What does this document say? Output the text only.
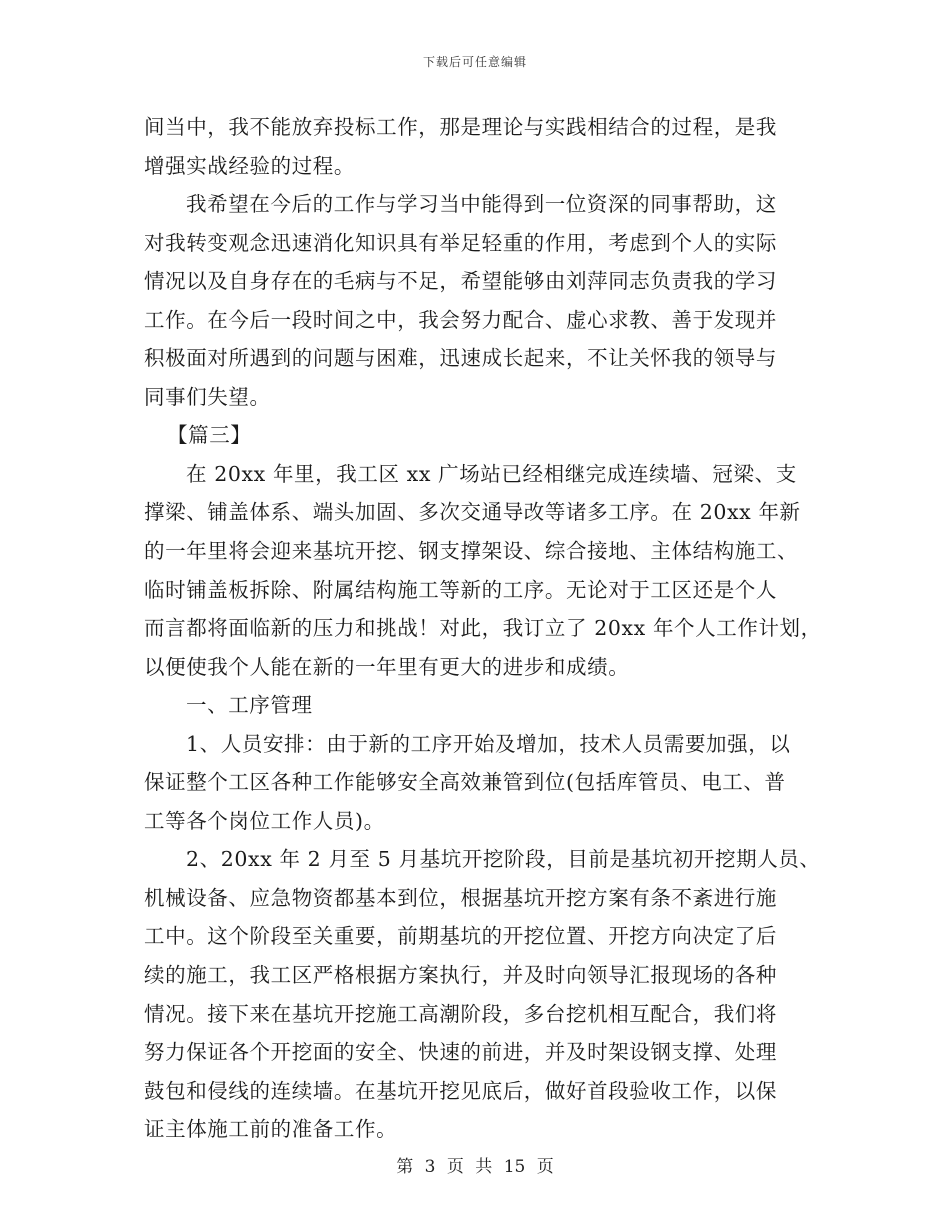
下载后可任意编辑
间当中，我不能放弃投标工作，那是理论与实践相结合的过程，是我
增强实战经验的过程。
我希望在今后的工作与学习当中能得到一位资深的同事帮助，这
对我转变观念迅速消化知识具有举足轻重的作用，考虑到个人的实际
情况以及自身存在的毛病与不足，希望能够由刘萍同志负责我的学习
工作。在今后一段时间之中，我会努力配合、虚心求教、善于发现并
积极面对所遇到的问题与困难，迅速成长起来，不让关怀我的领导与
同事们失望。
【篇三】
在 20xx 年里，我工区 xx 广场站已经相继完成连续墙、冠梁、支
撑梁、铺盖体系、端头加固、多次交通导改等诸多工序。在 20xx 年新
的一年里将会迎来基坑开挖、钢支撑架设、综合接地、主体结构施工、
临时铺盖板拆除、附属结构施工等新的工序。无论对于工区还是个人
而言都将面临新的压力和挑战！对此，我订立了 20xx 年个人工作计划，
以便使我个人能在新的一年里有更大的进步和成绩。
一、工序管理
1、人员安排：由于新的工序开始及增加，技术人员需要加强，以
保证整个工区各种工作能够安全高效兼管到位(包括库管员、电工、普
工等各个岗位工作人员)。
2、20xx 年 2 月至 5 月基坑开挖阶段，目前是基坑初开挖期人员、
机械设备、应急物资都基本到位，根据基坑开挖方案有条不紊进行施
工中。这个阶段至关重要，前期基坑的开挖位置、开挖方向决定了后
续的施工，我工区严格根据方案执行，并及时向领导汇报现场的各种
情况。接下来在基坑开挖施工高潮阶段，多台挖机相互配合，我们将
努力保证各个开挖面的安全、快速的前进，并及时架设钢支撑、处理
鼓包和侵线的连续墙。在基坑开挖见底后，做好首段验收工作，以保
证主体施工前的准备工作。
第 3 页 共 15 页
